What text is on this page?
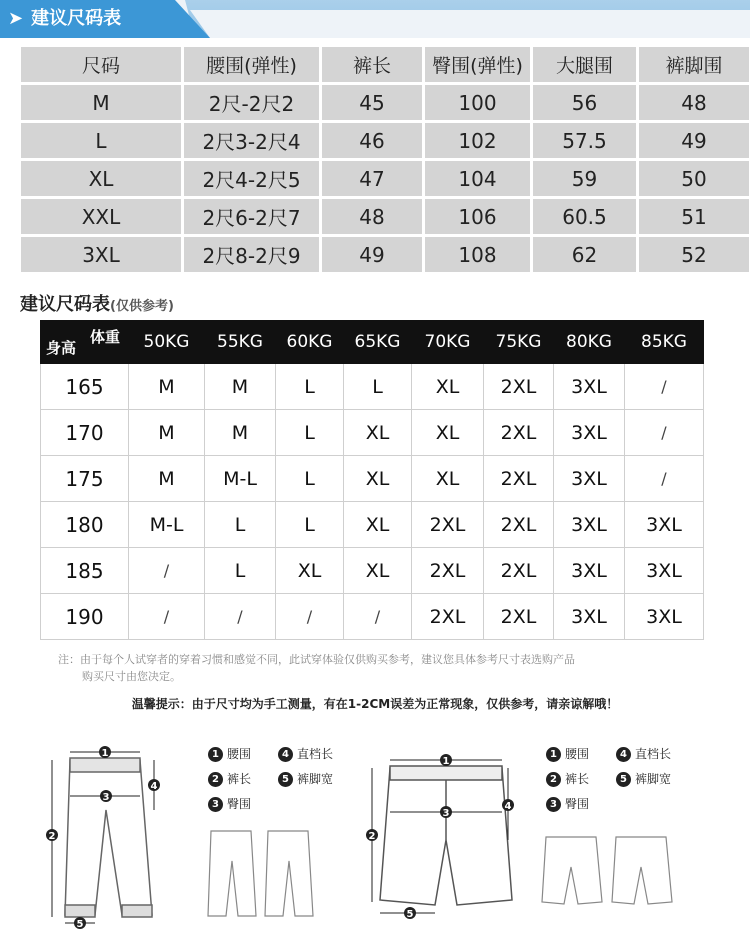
➤ 建议尺码表
尺码	腰围(弹性)	裤长	臀围(弹性)	大腿围	裤脚围
M	2尺-2尺2	45	100	56	48
L	2尺3-2尺4	46	102	57.5	49
XL	2尺4-2尺5	47	104	59	50
XXL	2尺6-2尺7	48	106	60.5	51
3XL	2尺8-2尺9	49	108	62	52
建议尺码表(仅供参考)
体重
身高	50KG	55KG	60KG	65KG	70KG	75KG	80KG	85KG
165	M	M	L	L	XL	2XL	3XL	/
170	M	M	L	XL	XL	2XL	3XL	/
175	M	M-L	L	XL	XL	2XL	3XL	/
180	M-L	L	L	XL	2XL	2XL	3XL	3XL
185	/	L	XL	XL	2XL	2XL	3XL	3XL
190	/	/	/	/	2XL	2XL	3XL	3XL
注：由于每个人试穿者的穿着习惯和感觉不同，此试穿体验仅供购买参考，建议您具体参考尺寸表选购产品
购买尺寸由您决定。
温馨提示：由于尺寸均为手工测量，有在1-2CM误差为正常现象，仅供参考，请亲谅解哦！
1
2
3
4
5
1 腰围	4 直档长
2 裤长	5 裤脚宽
3 臀围
1
2
3
4
5
1 腰围	4 直档长
2 裤长	5 裤脚宽
3 臀围
